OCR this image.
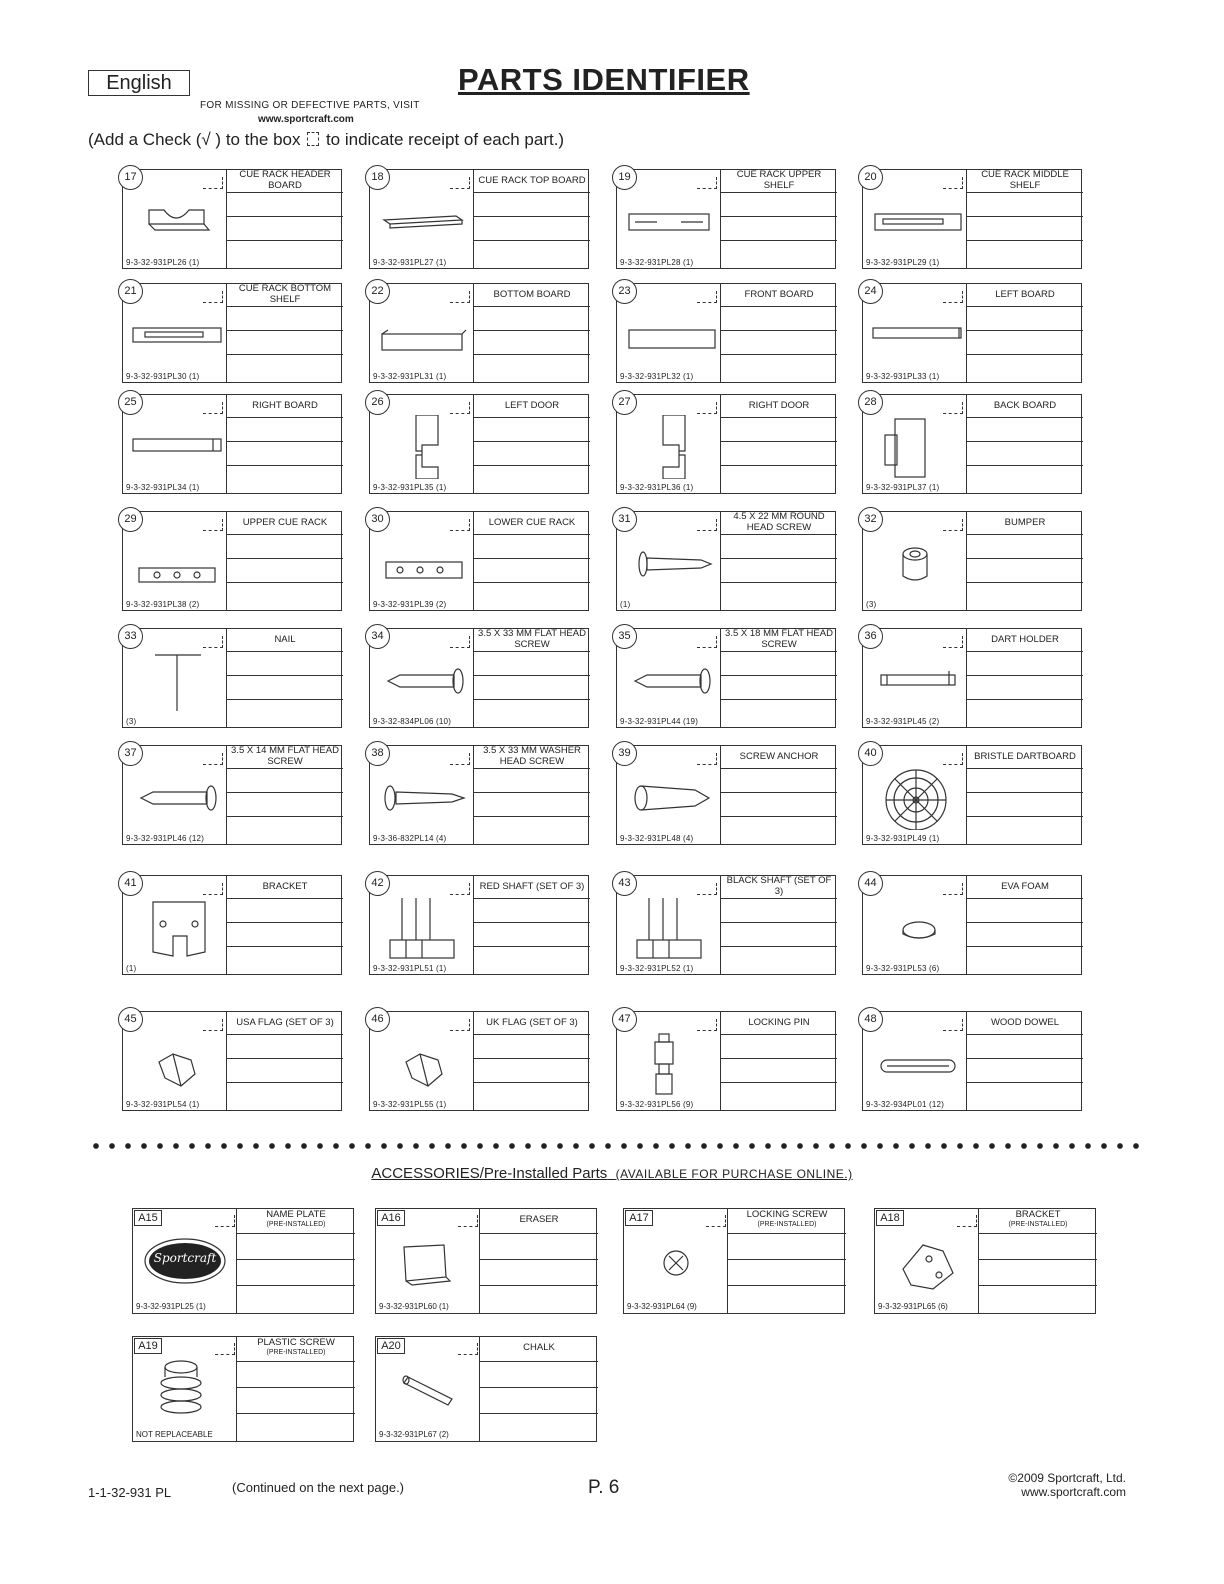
English	PARTS IDENTIFIER
FOR MISSING OR DEFECTIVE PARTS, VISIT
www.sportcraft.com
(Add a Check (√ ) to the box to indicate receipt of each part.)
17
9-3-32-931PL26 (1)
CUE RACK HEADER BOARD
18
9-3-32-931PL27 (1)
CUE RACK TOP BOARD	19
9-3-32-931PL28 (1)
CUE RACK UPPER SHELF
20
9-3-32-931PL29 (1)
CUE RACK MIDDLE SHELF
21
9-3-32-931PL30 (1)
CUE RACK BOTTOM SHELF
22
9-3-32-931PL31 (1)
BOTTOM BOARD	23
9-3-32-931PL32 (1)
FRONT BOARD	24
9-3-32-931PL33 (1)
LEFT BOARD
25
9-3-32-931PL34 (1)
RIGHT BOARD	26
9-3-32-931PL35 (1)
LEFT DOOR	27
9-3-32-931PL36 (1)
RIGHT DOOR	28
9-3-32-931PL37 (1)
BACK BOARD
29
9-3-32-931PL38 (2)
UPPER CUE RACK	30
9-3-32-931PL39 (2)
LOWER CUE RACK	31
(1)
4.5 X 22 MM ROUND HEAD SCREW
32
(3)
BUMPER
33
(3)
NAIL	34
9-3-32-834PL06 (10)
3.5 X 33 MM FLAT HEAD SCREW
35
9-3-32-931PL44 (19)
3.5 X 18 MM FLAT HEAD SCREW
36
9-3-32-931PL45 (2)
DART HOLDER
37
9-3-32-931PL46 (12)
3.5 X 14 MM FLAT HEAD SCREW
38
9-3-36-832PL14 (4)
3.5 X 33 MM WASHER HEAD SCREW
39
9-3-32-931PL48 (4)
SCREW ANCHOR	40
9-3-32-931PL49 (1)
BRISTLE DARTBOARD
41
(1)
BRACKET	42
9-3-32-931PL51 (1)
RED SHAFT (SET OF 3)	43
9-3-32-931PL52 (1)
BLACK SHAFT (SET OF 3)
44
9-3-32-931PL53 (6)
EVA FOAM
45
9-3-32-931PL54 (1)
USA FLAG (SET OF 3)	46
9-3-32-931PL55 (1)
UK FLAG (SET OF 3)	47
9-3-32-931PL56 (9)
LOCKING PIN	48
9-3-32-934PL01 (12)
WOOD DOWEL
ACCESSORIES/Pre-Installed Parts (AVAILABLE FOR PURCHASE ONLINE.)
A15
Sportcraft
9-3-32-931PL25 (1)
NAME PLATE
(PRE-INSTALLED)
A16
9-3-32-931PL60 (1)
ERASER	A17
9-3-32-931PL64 (9)
LOCKING SCREW
(PRE-INSTALLED)
A18
9-3-32-931PL65 (6)
BRACKET
(PRE-INSTALLED)
A19
NOT REPLACEABLE
PLASTIC SCREW
(PRE-INSTALLED)
A20
9-3-32-931PL67 (2)
CHALK
1-1-32-931 PL	(Continued on the next page.)	P. 6	©2009 Sportcraft, Ltd.
www.sportcraft.com
